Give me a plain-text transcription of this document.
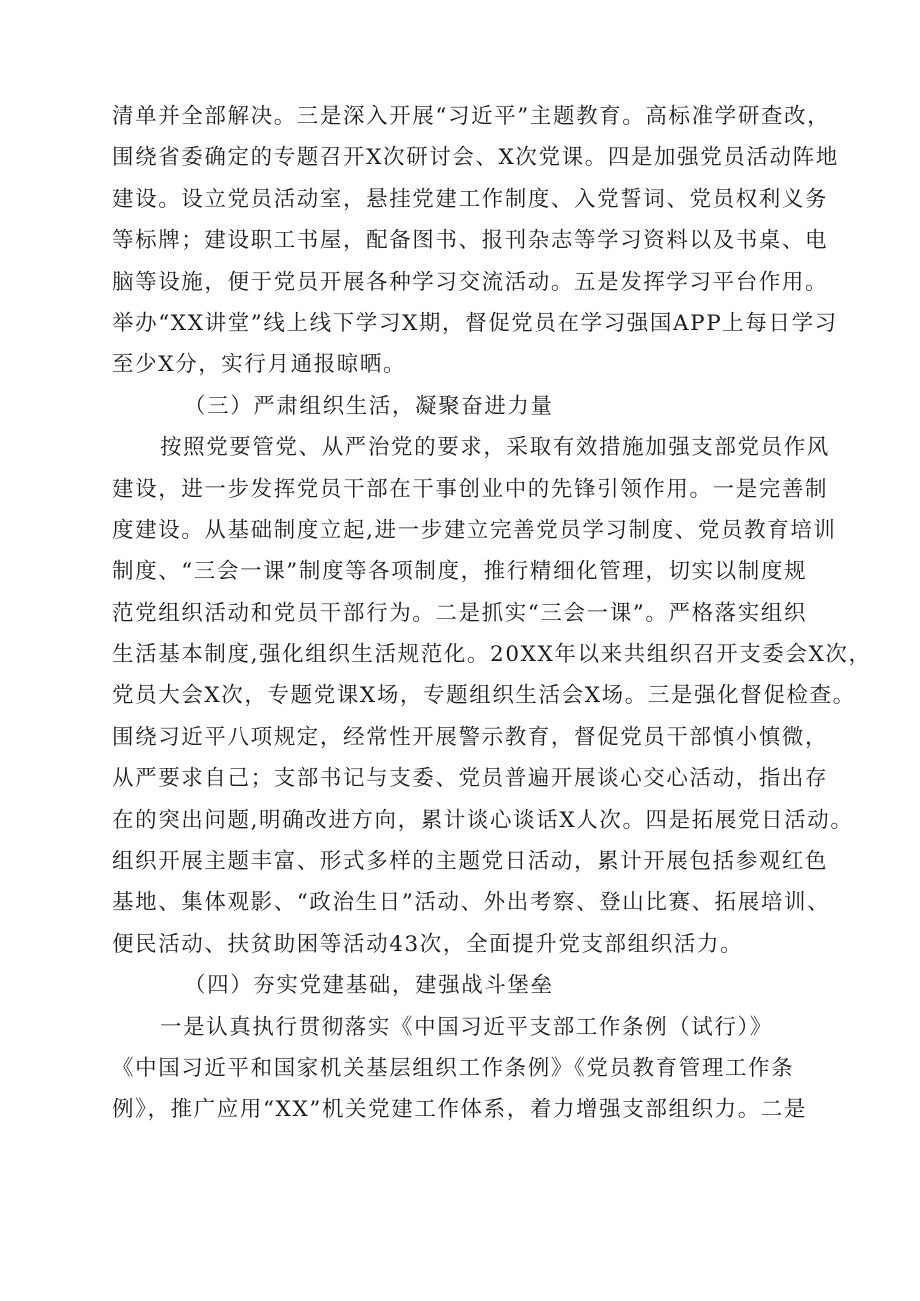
清单并全部解决。三是深入开展“习近平”主题教育。高标准学研查改，
围绕省委确定的专题召开X次研讨会、X次党课。四是加强党员活动阵地
建设。设立党员活动室，悬挂党建工作制度、入党誓词、党员权利义务
等标牌；建设职工书屋，配备图书、报刊杂志等学习资料以及书桌、电
脑等设施，便于党员开展各种学习交流活动。五是发挥学习平台作用。
举办“XX讲堂”线上线下学习X期，督促党员在学习强国APP上每日学习
至少X分，实行月通报晾晒。
（三）严肃组织生活，凝聚奋进力量
按照党要管党、从严治党的要求，采取有效措施加强支部党员作风
建设，进一步发挥党员干部在干事创业中的先锋引领作用。一是完善制
度建设。从基础制度立起,进一步建立完善党员学习制度、党员教育培训
制度、“三会一课”制度等各项制度，推行精细化管理，切实以制度规
范党组织活动和党员干部行为。二是抓实“三会一课”。严格落实组织
生活基本制度,强化组织生活规范化。20XX年以来共组织召开支委会X次，
党员大会X次，专题党课X场，专题组织生活会X场。三是强化督促检查。
围绕习近平八项规定，经常性开展警示教育，督促党员干部慎小慎微，
从严要求自己；支部书记与支委、党员普遍开展谈心交心活动，指出存
在的突出问题,明确改进方向，累计谈心谈话X人次。四是拓展党日活动。
组织开展主题丰富、形式多样的主题党日活动，累计开展包括参观红色
基地、集体观影、“政治生日”活动、外出考察、登山比赛、拓展培训、
便民活动、扶贫助困等活动43次，全面提升党支部组织活力。
（四）夯实党建基础，建强战斗堡垒
一是认真执行贯彻落实《中国习近平支部工作条例（试行）》
《中国习近平和国家机关基层组织工作条例》《党员教育管理工作条
例》，推广应用“XX”机关党建工作体系，着力增强支部组织力。二是
